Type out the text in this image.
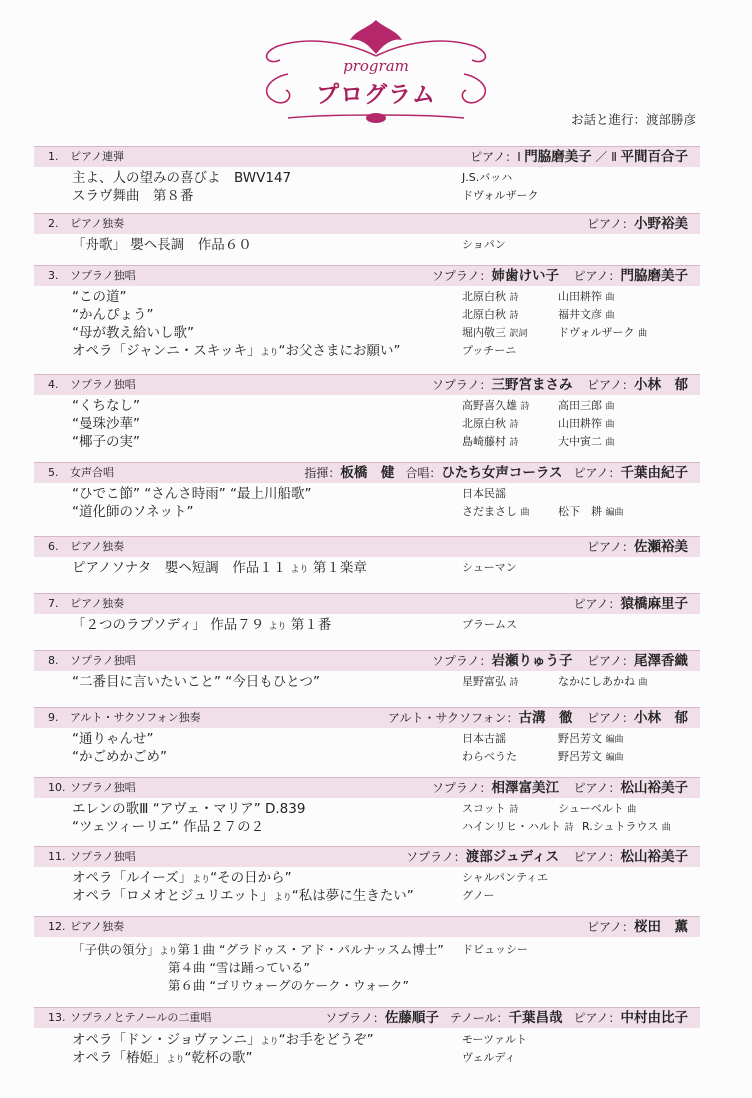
program
プログラム
お話と進行：渡部勝彦
1. ピアノ連弾	ピアノ：Ⅰ 門脇磨美子 ／ Ⅱ 平間百合子
主よ、人の望みの喜びよ　BWV147	J.S.バッハ
スラヴ舞曲　第８番	ドヴォルザーク
2. ピアノ独奏	ピアノ：小野裕美
「舟歌」 嬰ヘ長調　作品６０	ショパン
3. ソプラノ独唱	ソプラノ：姉歯けい子　 ピアノ：門脇磨美子
“この道”	北原白秋 詩	山田耕筰 曲
“かんぴょう”	北原白秋 詩	福井文彦 曲
“母が教え給いし歌”	堀内敬三 訳詞	ドヴォルザーク 曲
オペラ「ジャンニ・スキッキ」より“お父さまにお願い”	プッチーニ
4. ソプラノ独唱	ソプラノ：三野宮まさみ　 ピアノ：小林　郁
“くちなし”	高野喜久雄 詩	高田三郎 曲
“曼珠沙華”	北原白秋 詩	山田耕筰 曲
“椰子の実”	島崎藤村 詩	大中寅二 曲
5. 女声合唱	指揮：板橋　健　 合唱：ひたち女声コーラス　 ピアノ：千葉由紀子
“ひでこ節” “さんさ時雨” “最上川船歌”	日本民謡
“道化師のソネット”	さだまさし 曲	松下　耕 編曲
6. ピアノ独奏	ピアノ：佐瀬裕美
ピアノソナタ　嬰ヘ短調　作品１１ より 第１楽章	シューマン
7. ピアノ独奏	ピアノ：猿橋麻里子
「２つのラプソディ」 作品７９ より 第１番	ブラームス
8. ソプラノ独唱	ソプラノ：岩瀬りゅう子　 ピアノ：尾澤香織
“二番目に言いたいこと” “今日もひとつ”	星野富弘 詩	なかにしあかね 曲
9. アルト・サクソフォン独奏	アルト・サクソフォン：古溝　徹　 ピアノ：小林　郁
“通りゃんせ”	日本古謡	野呂芳文 編曲
“かごめかごめ”	わらべうた	野呂芳文 編曲
10. ソプラノ独唱	ソプラノ：相澤富美江　 ピアノ：松山裕美子
エレンの歌Ⅲ “アヴェ・マリア” D.839	スコット 詩	シューベルト 曲
“ツェツィーリエ” 作品２７の２	ハインリヒ・ハルト 詩 R.シュトラウス 曲
11. ソプラノ独唱	ソプラノ：渡部ジュディス　 ピアノ：松山裕美子
オペラ「ルイーズ」より“その日から”	シャルパンティエ
オペラ「ロメオとジュリエット」より“私は夢に生きたい”	グノー
12. ピアノ独奏	ピアノ：桜田　薫
「子供の領分」より第１曲 “グラドゥス・アド・パルナッスム博士” ドビュッシー
第４曲 “雪は踊っている”
第６曲 “ゴリウォーグのケーク・ウォーク”
13. ソプラノとテノールの二重唱	ソプラノ：佐藤順子　 テノール：千葉昌哉　 ピアノ：中村由比子
オペラ「ドン・ジョヴァンニ」より“お手をどうぞ”	モーツァルト
オペラ「椿姫」より“乾杯の歌”	ヴェルディ
